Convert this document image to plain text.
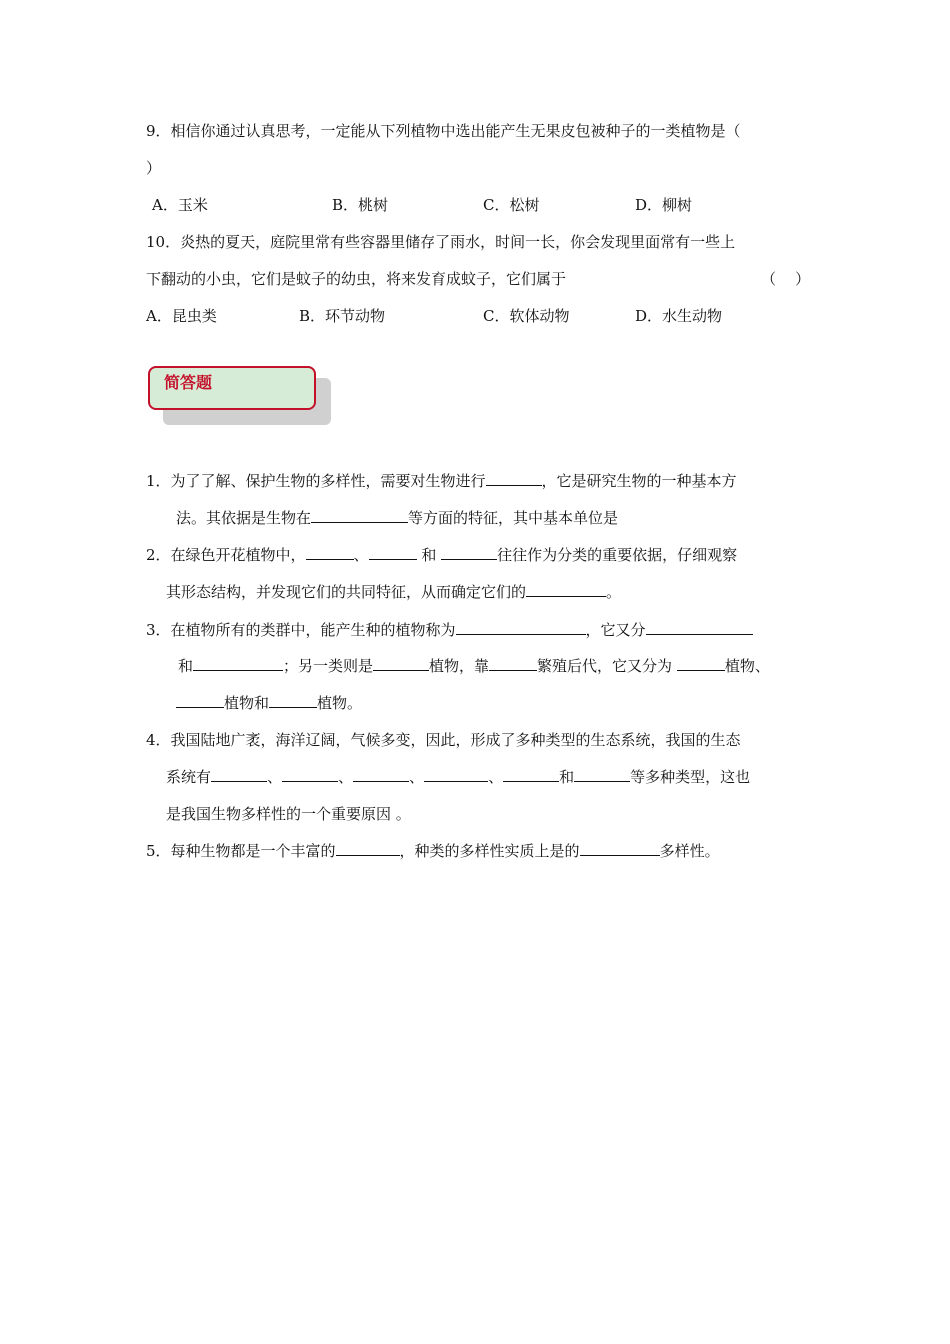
9．相信你通过认真思考，一定能从下列植物中选出能产生无果皮包被种子的一类植物是（
）
A．玉米	B．桃树	C．松树	D．柳树
10．炎热的夏天，庭院里常有些容器里储存了雨水，时间一长，你会发现里面常有一些上
下翻动的小虫，它们是蚊子的幼虫，将来发育成蚊子，它们属于	（    ）
A．昆虫类	B．环节动物	C．软体动物	D．水生动物
简答题
1．为了了解、保护生物的多样性，需要对生物进行	，它是研究生物的一种基本方
法。其依据是生物在	等方面的特征，其中基本单位是
2．在绿色开花植物中，	、	和	往往作为分类的重要依据，仔细观察
其形态结构，并发现它们的共同特征，从而确定它们的	。
3．在植物所有的类群中，能产生种的植物称为	，它又分
和	；另一类则是	植物，靠	繁殖后代，它又分为	植物、
植物和	植物。
4．我国陆地广袤，海洋辽阔，气候多变，因此，形成了多种类型的生态系统，我国的生态
系统有	、	、	、	、	和	等多种类型，这也
是我国生物多样性的一个重要原因 。
5．每种生物都是一个丰富的	，种类的多样性实质上是的	多样性。
